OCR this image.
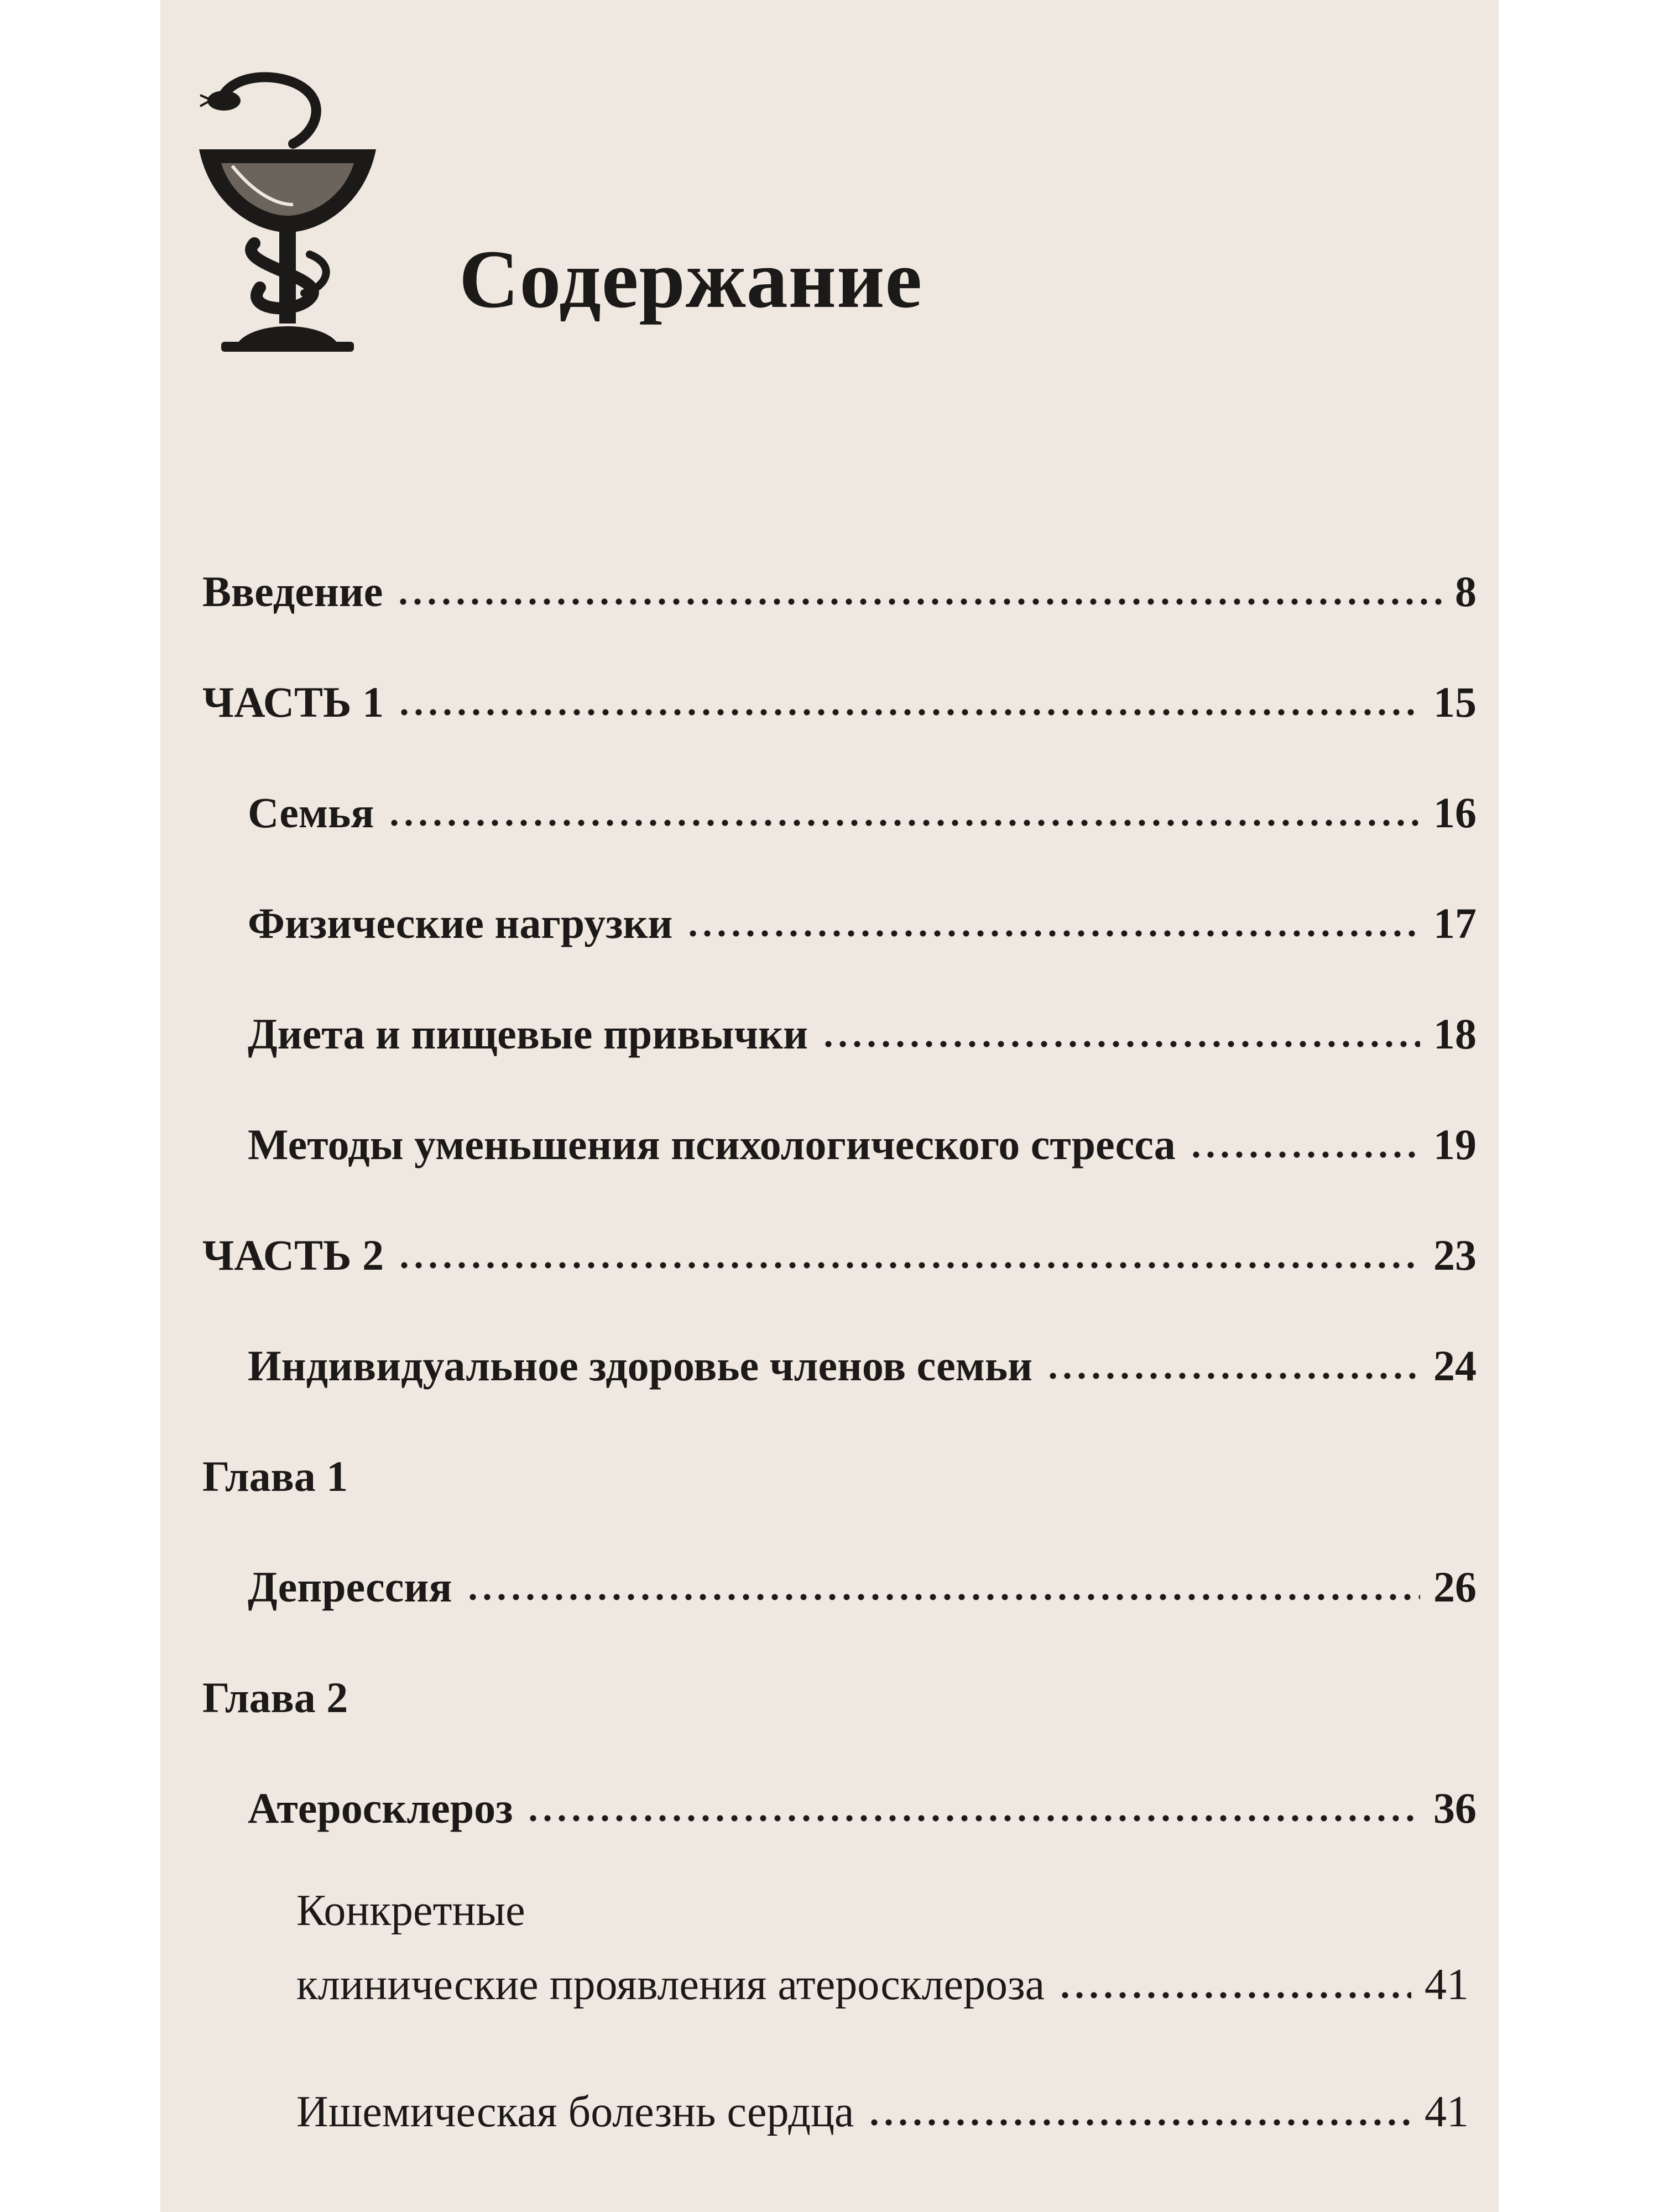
Содержание
Введение	8
ЧАСТЬ 1	15
Семья	16
Физические нагрузки	17
Диета и пищевые привычки	18
Методы уменьшения психологического стресса	19
ЧАСТЬ 2	23
Индивидуальное здоровье членов семьи	24
Глава 1
Депрессия	26
Глава 2
Атеросклероз	36
Конкретные
клинические проявления атеросклероза	41
Ишемическая болезнь сердца	41
